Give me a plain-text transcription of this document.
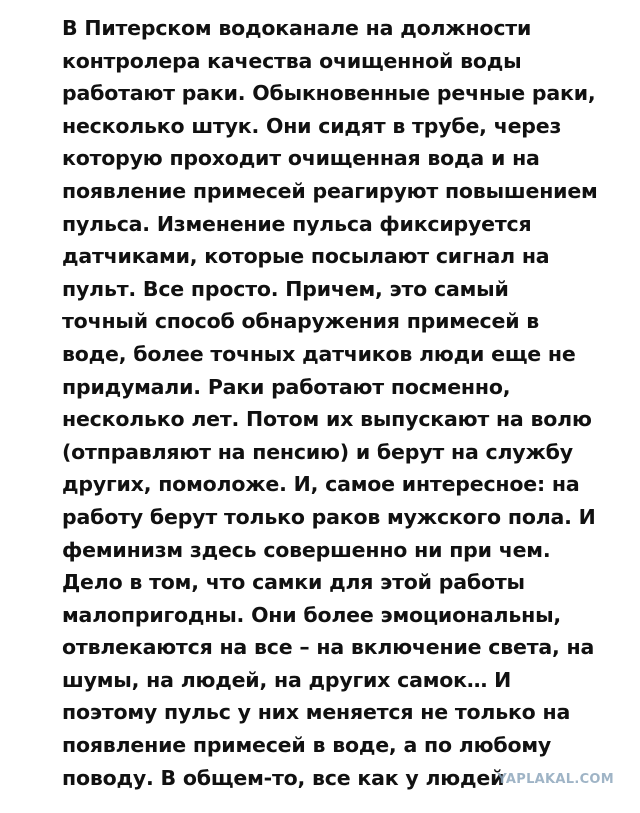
В Питерском водоканале на должности
контролера качества очищенной воды
работают раки. Обыкновенные речные раки,
несколько штук. Они сидят в трубе, через
которую проходит очищенная вода и на
появление примесей реагируют повышением
пульса. Изменение пульса фиксируется
датчиками, которые посылают сигнал на
пульт. Все просто. Причем, это самый
точный способ обнаружения примесей в
воде, более точных датчиков люди еще не
придумали. Раки работают посменно,
несколько лет. Потом их выпускают на волю
(отправляют на пенсию) и берут на службу
других, помоложе. И, самое интересное: на
работу берут только раков мужского пола. И
феминизм здесь совершенно ни при чем.
Дело в том, что самки для этой работы
малопригодны. Они более эмоциональны,
отвлекаются на все – на включение света, на
шумы, на людей, на других самок… И
поэтому пульс у них меняется не только на
появление примесей в воде, а по любому
поводу. В общем-то, все как у людей
YAPLAKAL.COM
